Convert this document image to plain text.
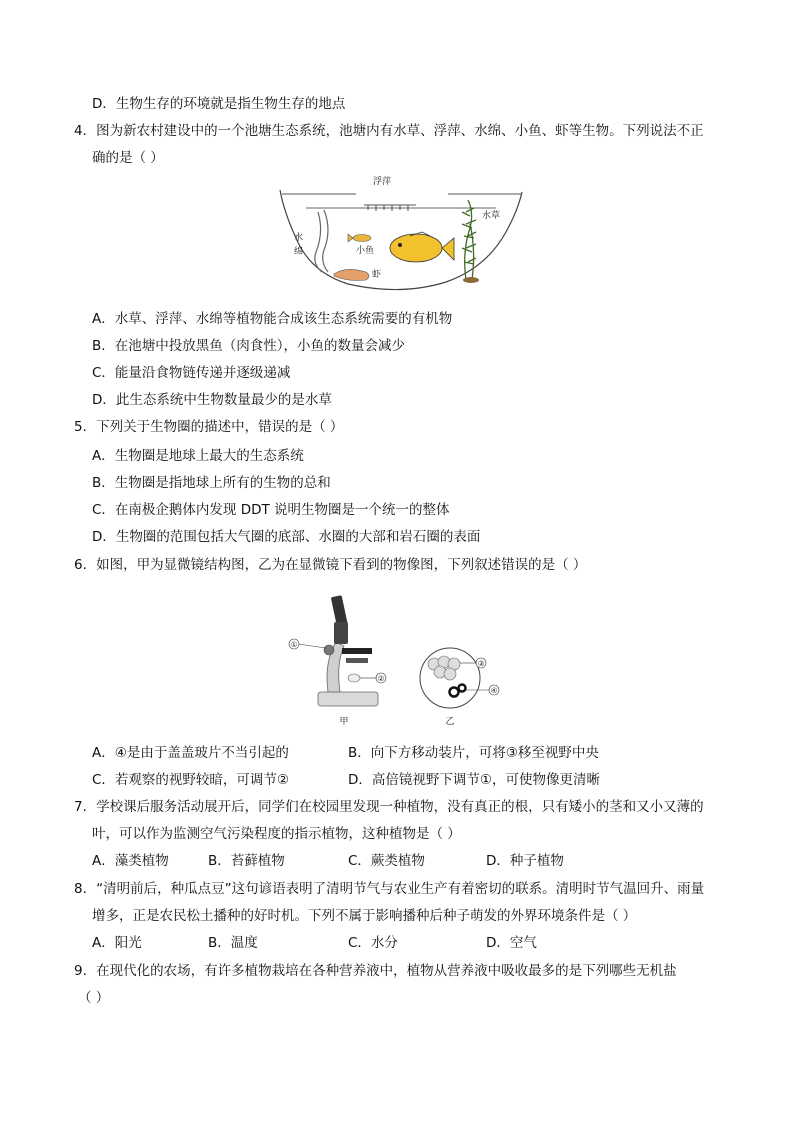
D．生物生存的环境就是指生物生存的地点
4．图为新农村建设中的一个池塘生态系统，池塘内有水草、浮萍、水绵、小鱼、虾等生物。下列说法不正
确的是（ ）
浮萍
水
绵	小鱼
虾
水草
A．水草、浮萍、水绵等植物能合成该生态系统需要的有机物
B．在池塘中投放黑鱼（肉食性），小鱼的数量会减少
C．能量沿食物链传递并逐级递减
D．此生态系统中生物数量最少的是水草
5．下列关于生物圈的描述中，错误的是（ ）
A．生物圈是地球上最大的生态系统
B．生物圈是指地球上所有的生物的总和
C．在南极企鹅体内发现 DDT 说明生物圈是一个统一的整体
D．生物圈的范围包括大气圈的底部、水圈的大部和岩石圈的表面
6．如图，甲为显微镜结构图，乙为在显微镜下看到的物像图，下列叙述错误的是（ ）
①
②
甲
③
④
乙
A．④是由于盖盖玻片不当引起的	B．向下方移动装片，可将③移至视野中央
C．若观察的视野较暗，可调节②	D．高倍镜视野下调节①，可使物像更清晰
7．学校课后服务活动展开后，同学们在校园里发现一种植物，没有真正的根，只有矮小的茎和又小又薄的
叶，可以作为监测空气污染程度的指示植物，这种植物是（ ）
A．藻类植物	B．苔藓植物	C．蕨类植物	D．种子植物
8．“清明前后，种瓜点豆”这句谚语表明了清明节气与农业生产有着密切的联系。清明时节气温回升、雨量
增多，正是农民松土播种的好时机。下列不属于影响播种后种子萌发的外界环境条件是（ ）
A．阳光	B．温度	C．水分	D．空气
9．在现代化的农场，有许多植物栽培在各种营养液中，植物从营养液中吸收最多的是下列哪些无机盐
（ ）
